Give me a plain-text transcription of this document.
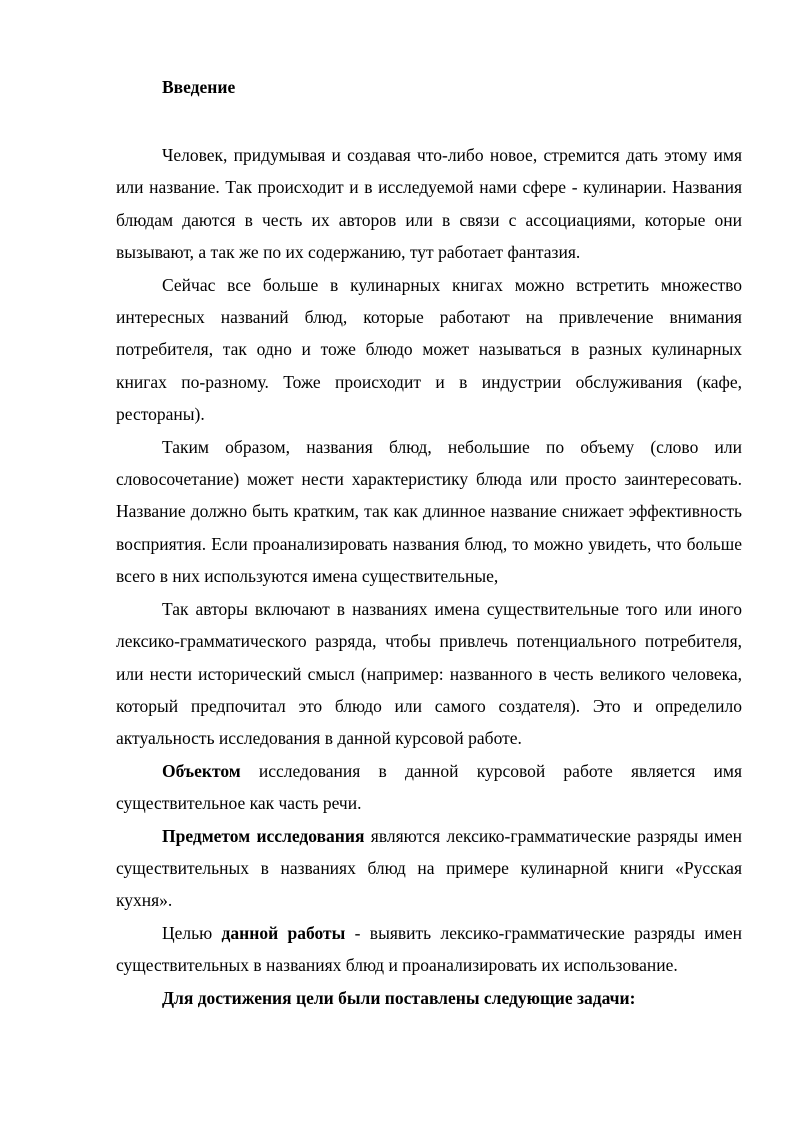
Введение

Человек, придумывая и создавая что-либо новое, стремится дать этому имя или название. Так происходит и в исследуемой нами сфере - кулинарии. Названия блюдам даются в честь их авторов или в связи с ассоциациями, которые они вызывают, а так же по их содержанию, тут работает фантазия.

Сейчас все больше в кулинарных книгах можно встретить множество интересных названий блюд, которые работают на привлечение внимания потребителя, так одно и тоже блюдо может называться в разных кулинарных книгах по-разному. Тоже происходит и в индустрии обслуживания (кафе, рестораны).

Таким образом, названия блюд, небольшие по объему (слово или словосочетание) может нести характеристику блюда или просто заинтересовать. Название должно быть кратким, так как длинное название снижает эффективность восприятия. Если проанализировать названия блюд, то можно увидеть, что больше всего в них используются имена существительные,

Так авторы включают в названиях имена существительные того или иного лексико-грамматического разряда, чтобы привлечь потенциального потребителя, или нести исторический смысл (например: названного в честь великого человека, который предпочитал это блюдо или самого создателя). Это и определило актуальность исследования в данной курсовой работе.

Объектом исследования в данной курсовой работе является имя существительное как часть речи.

Предметом исследования являются лексико-грамматические разряды имен существительных в названиях блюд на примере кулинарной книги «Русская кухня».

Целью данной работы - выявить лексико-грамматические разряды имен существительных в названиях блюд и проанализировать их использование.

Для достижения цели были поставлены следующие задачи:
